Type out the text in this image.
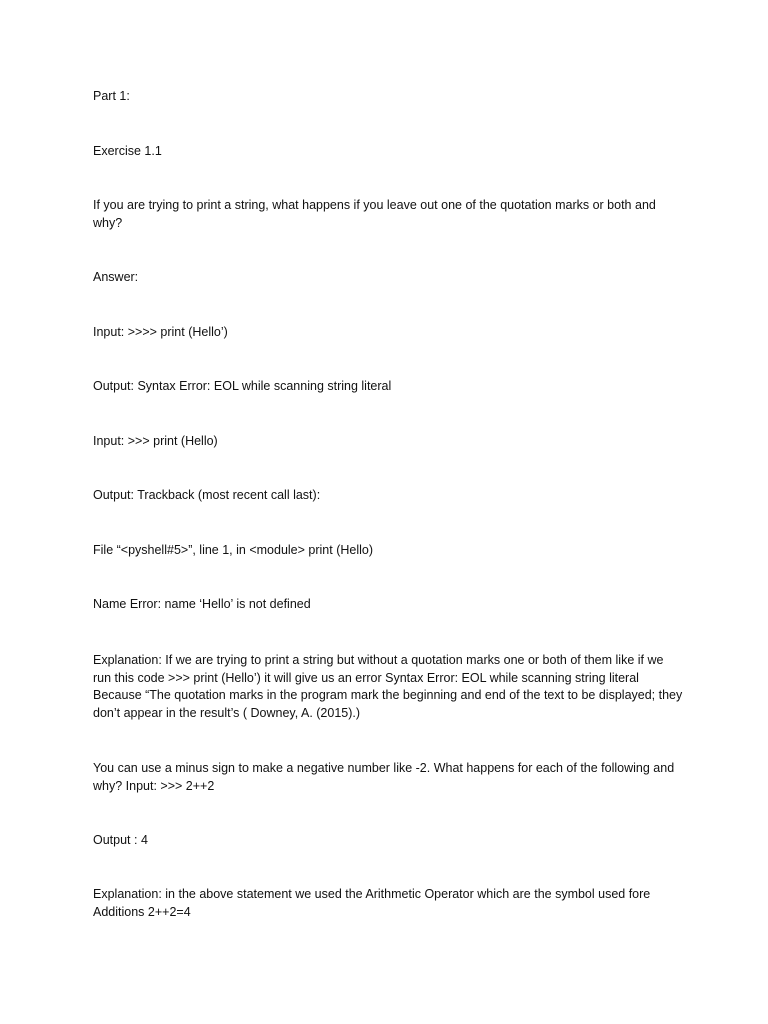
Part 1:

Exercise 1.1

If you are trying to print a string, what happens if you leave out one of the quotation marks or both and why?

Answer:

Input: >>>> print (Hello’)

Output: Syntax Error: EOL while scanning string literal

Input: >>> print (Hello)

Output: Trackback (most recent call last):

File “<pyshell#5>”, line 1, in <module> print (Hello)

Name Error: name ‘Hello’ is not defined

Explanation: If we are trying to print a string but without a quotation marks one or both of them like if we run this code >>> print (Hello’) it will give us an error Syntax Error: EOL while scanning string literal Because “The quotation marks in the program mark the beginning and end of the text to be displayed; they don’t appear in the result’s ( Downey, A. (2015).)

You can use a minus sign to make a negative number like -2. What happens for each of the following and why? Input: >>> 2++2

Output : 4

Explanation: in the above statement we used the Arithmetic Operator which are the symbol used fore Additions 2++2=4
